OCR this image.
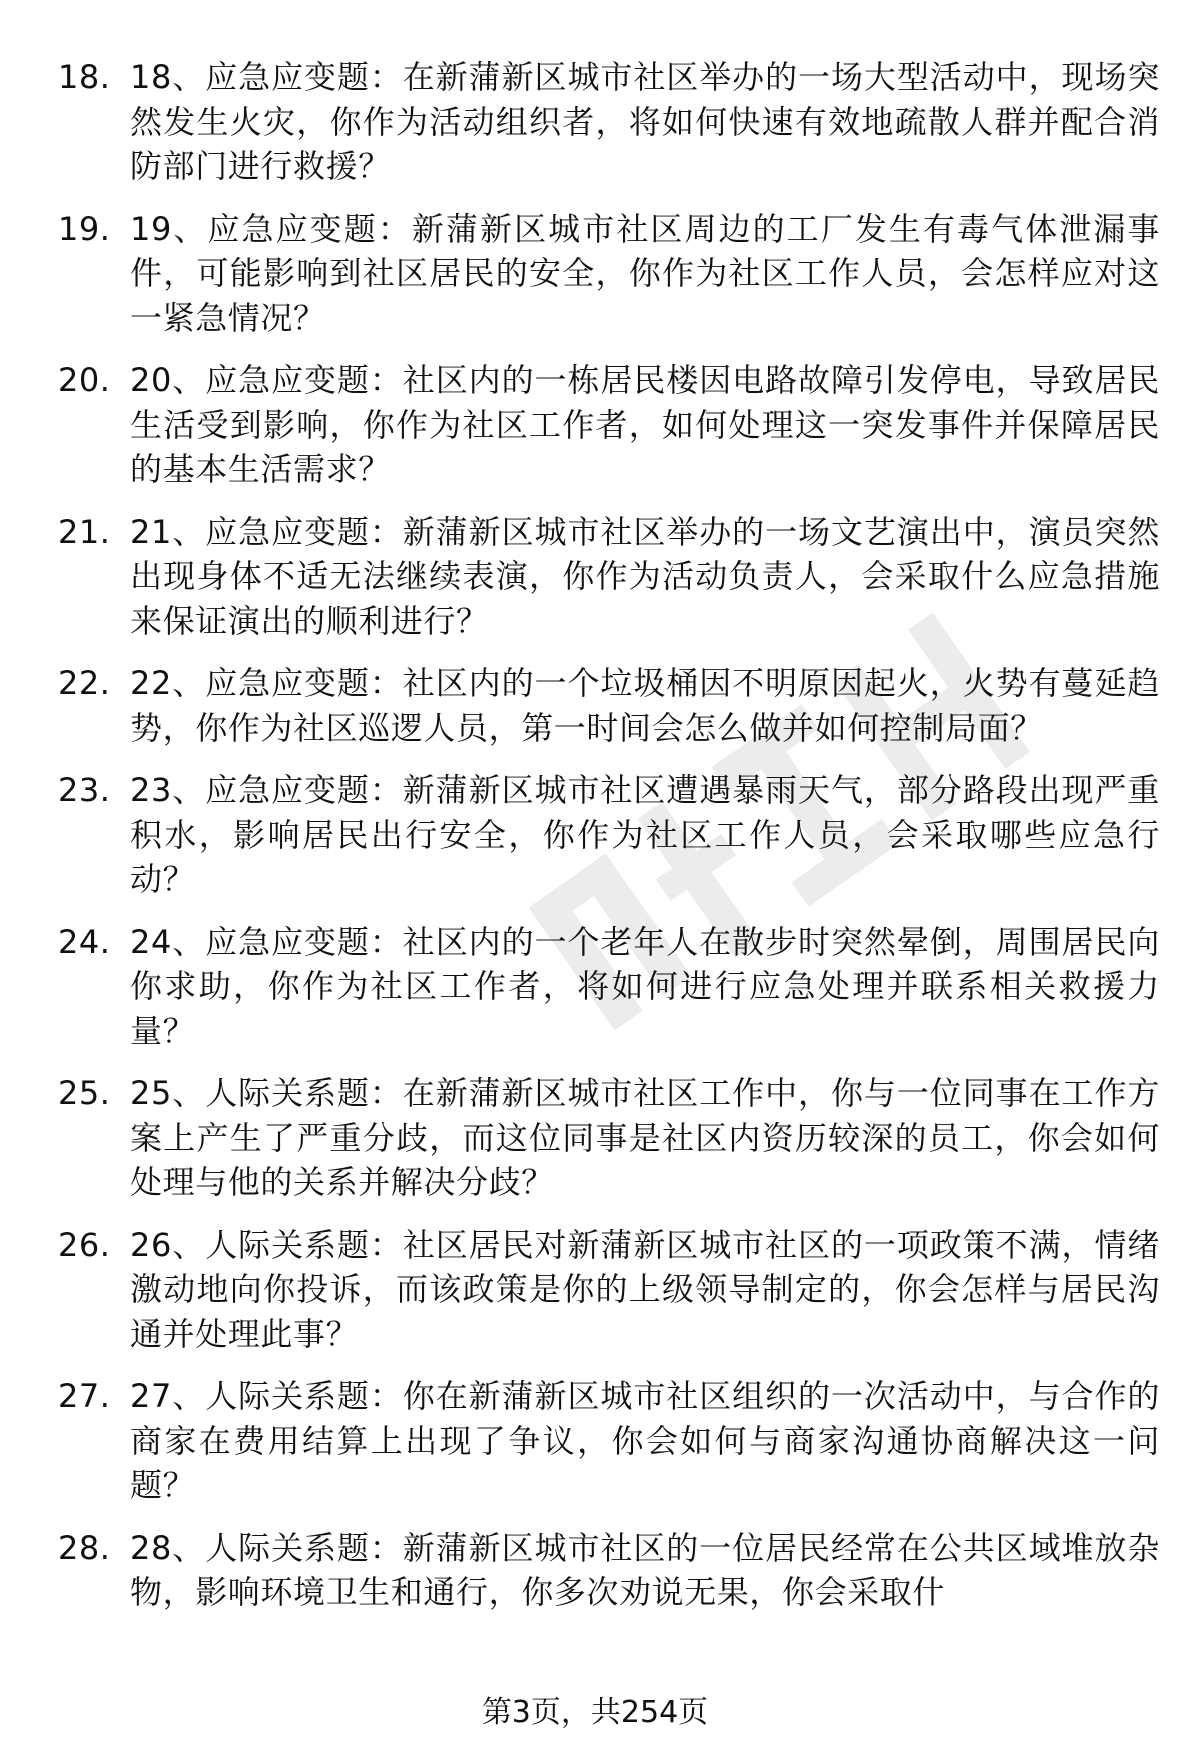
18. 18、应急应变题：在新蒲新区城市社区举办的一场大型活动中，现场突然发生火灾，你作为活动组织者，将如何快速有效地疏散人群并配合消防部门进行救援？
19. 19、应急应变题：新蒲新区城市社区周边的工厂发生有毒气体泄漏事件，可能影响到社区居民的安全，你作为社区工作人员，会怎样应对这一紧急情况？
20. 20、应急应变题：社区内的一栋居民楼因电路故障引发停电，导致居民生活受到影响，你作为社区工作者，如何处理这一突发事件并保障居民的基本生活需求？
21. 21、应急应变题：新蒲新区城市社区举办的一场文艺演出中，演员突然出现身体不适无法继续表演，你作为活动负责人，会采取什么应急措施来保证演出的顺利进行？
22. 22、应急应变题：社区内的一个垃圾桶因不明原因起火，火势有蔓延趋势，你作为社区巡逻人员，第一时间会怎么做并如何控制局面？
23. 23、应急应变题：新蒲新区城市社区遭遇暴雨天气，部分路段出现严重积水，影响居民出行安全，你作为社区工作人员，会采取哪些应急行动？
24. 24、应急应变题：社区内的一个老年人在散步时突然晕倒，周围居民向你求助，你作为社区工作者，将如何进行应急处理并联系相关救援力量？
25. 25、人际关系题：在新蒲新区城市社区工作中，你与一位同事在工作方案上产生了严重分歧，而这位同事是社区内资历较深的员工，你会如何处理与他的关系并解决分歧？
26. 26、人际关系题：社区居民对新蒲新区城市社区的一项政策不满，情绪激动地向你投诉，而该政策是你的上级领导制定的，你会怎样与居民沟通并处理此事？
27. 27、人际关系题：你在新蒲新区城市社区组织的一次活动中，与合作的商家在费用结算上出现了争议，你会如何与商家沟通协商解决这一问题？
28. 28、人际关系题：新蒲新区城市社区的一位居民经常在公共区域堆放杂物，影响环境卫生和通行，你多次劝说无果，你会采取什
第3页，共254页
